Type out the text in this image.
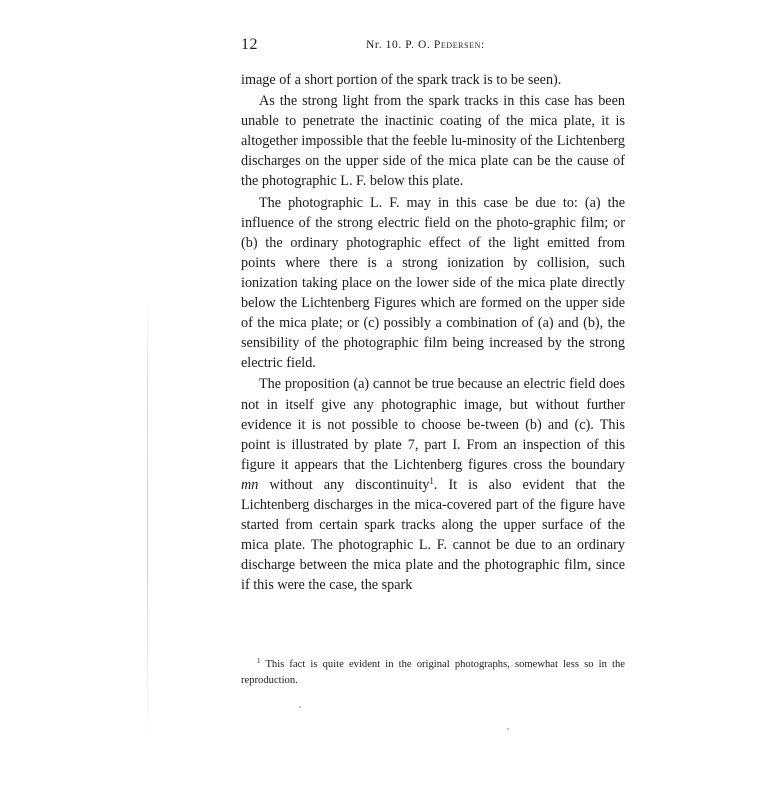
12	Nr. 10. P. O. Pedersen:

image of a short portion of the spark track is to be seen).

As the strong light from the spark tracks in this case has been unable to penetrate the inactinic coating of the mica plate, it is altogether impossible that the feeble lu-minosity of the Lichtenberg discharges on the upper side of the mica plate can be the cause of the photographic L. F. below this plate.

The photographic L. F. may in this case be due to: (a) the influence of the strong electric field on the photo-graphic film; or (b) the ordinary photographic effect of the light emitted from points where there is a strong ionization by collision, such ionization taking place on the lower side of the mica plate directly below the Lichtenberg Figures which are formed on the upper side of the mica plate; or (c) possibly a combination of (a) and (b), the sensibility of the photographic film being increased by the strong electric field.

The proposition (a) cannot be true because an electric field does not in itself give any photographic image, but without further evidence it is not possible to choose be-tween (b) and (c). This point is illustrated by plate 7, part I. From an inspection of this figure it appears that the Lichtenberg figures cross the boundary mn without any discontinuity$^1$. It is also evident that the Lichtenberg discharges in the mica-covered part of the figure have started from certain spark tracks along the upper surface of the mica plate. The photographic L. F. cannot be due to an ordinary discharge between the mica plate and the photographic film, since if this were the case, the spark

$^1$ This fact is quite evident in the original photographs, somewhat less so in the reproduction.
